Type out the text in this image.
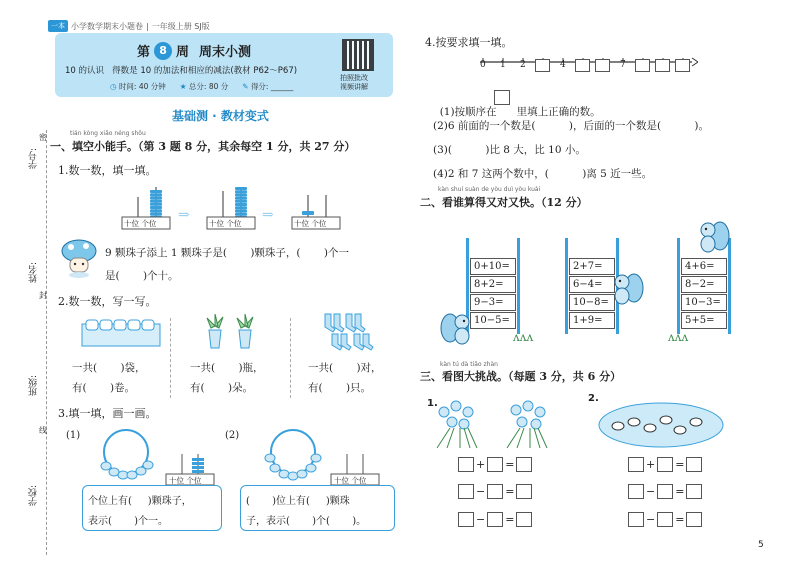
学号:
密
姓名:
封
班级:
线
学校:
一本 小学数学期末小题卷 | 一年级上册 SJ版
第 8 周 周末小测
10 的认识   得数是 10 的加法和相应的减法(教材 P62～P67)
◷ 时间: 40 分钟 ★ 总分: 80 分 ✎ 得分: ______
拍照批改
视频讲解
基础测 · 教材变式
tián kòng xiǎo néng shǒu
一、填空小能手。（第 3 题 8 分，其余每空 1 分，共 27 分）
1.数一数，填一填。
十位 个位
⇒
十位 个位
⇒
十位 个位
9 颗珠子添上 1 颗珠子是(       )颗珠子，(       )个一
是(       )个十。
2.数一数，写一写。
一共(       )袋，
有(       )卷。
一共(       )瓶，
有(       )朵。
一共(       )对，
有(       )只。
3.填一填，画一画。
(1)	(2)
十位 个位	十位 个位
个位上有(     )颗珠子，
表示(       )个一。
(       )位上有(     )颗珠
子，表示(       )个(       )。
4.按要求填一填。
0 1 2	4	7

(1)按顺序在      里填上正确的数。

(2)6 前面的一个数是(          )，后面的一个数是(          )。
(3)(          )比 8 大，比 10 小。
(4)2 和 7 这两个数中，(          )离 5 近一些。
kàn shuí suàn de yòu duì yòu kuài
二、看谁算得又对又快。（12 分）
0+10=
8+2=
9−3=
10−5=
2+7=
6−4=
10−8=
1+9=
4+6=
8−2=
10−3=
5+5=
ʌʌʌ	ʌʌʌ
kàn tú dà tiǎo zhàn
三、看图大挑战。（每题 3 分，共 6 分）
1.	2.
+ =
− =
− =
+ =
− =
− =
5
